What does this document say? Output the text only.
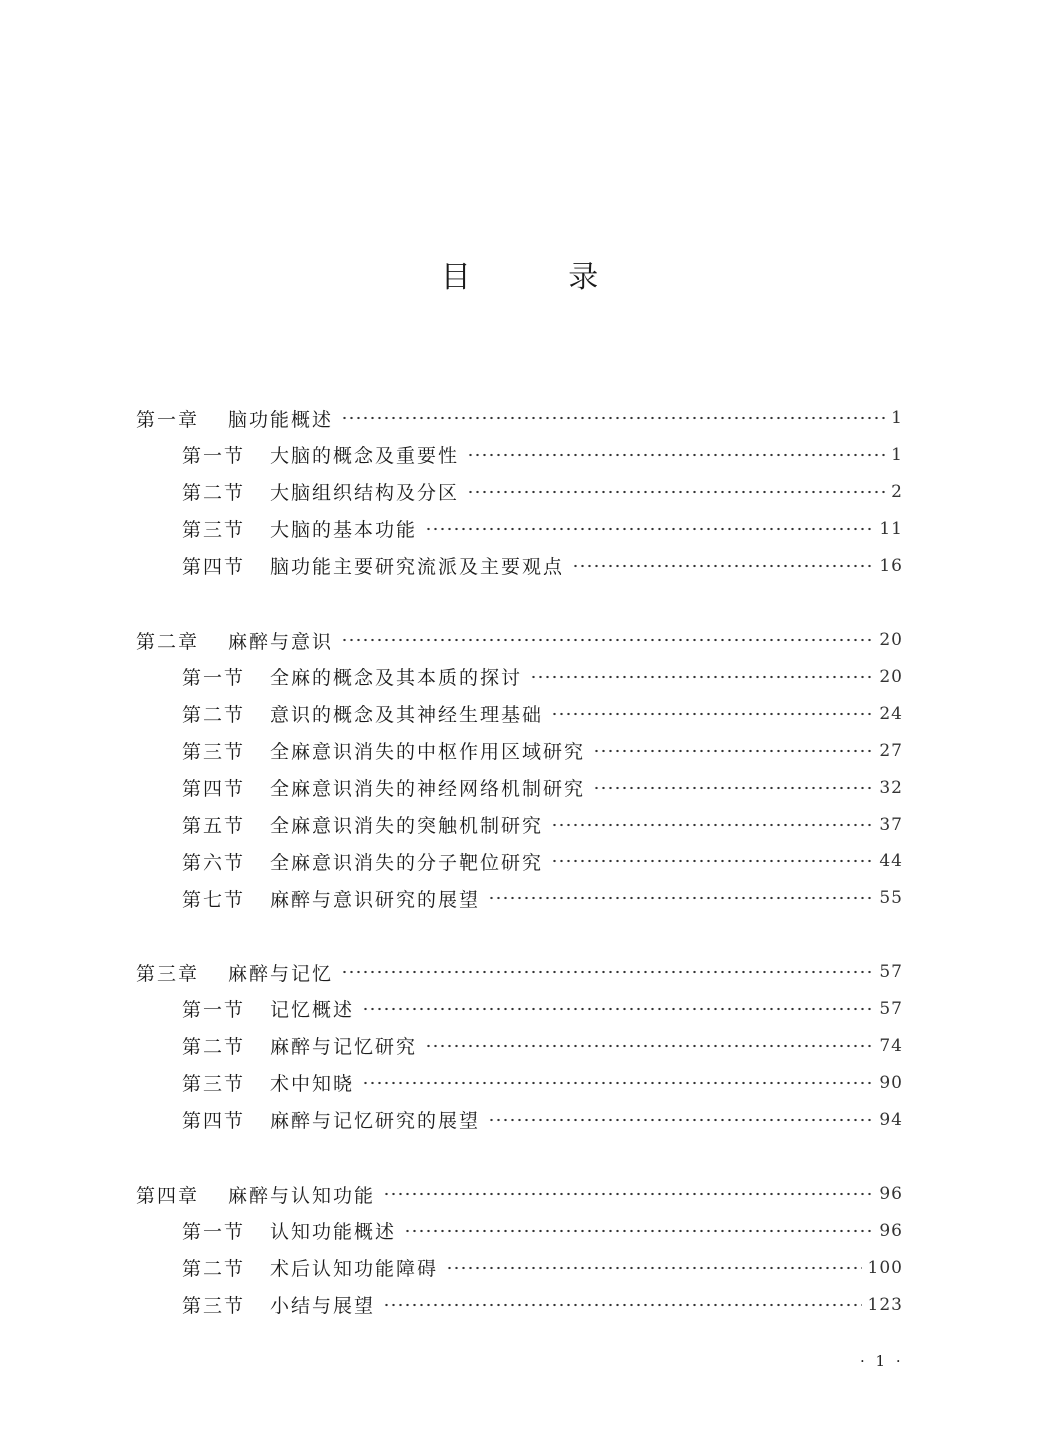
目 录
第一章	脑功能概述	1
第一节	大脑的概念及重要性	1
第二节	大脑组织结构及分区	2
第三节	大脑的基本功能	11
第四节	脑功能主要研究流派及主要观点	16
第二章	麻醉与意识	20
第一节	全麻的概念及其本质的探讨	20
第二节	意识的概念及其神经生理基础	24
第三节	全麻意识消失的中枢作用区域研究	27
第四节	全麻意识消失的神经网络机制研究	32
第五节	全麻意识消失的突触机制研究	37
第六节	全麻意识消失的分子靶位研究	44
第七节	麻醉与意识研究的展望	55
第三章	麻醉与记忆	57
第一节	记忆概述	57
第二节	麻醉与记忆研究	74
第三节	术中知晓	90
第四节	麻醉与记忆研究的展望	94
第四章	麻醉与认知功能	96
第一节	认知功能概述	96
第二节	术后认知功能障碍	100
第三节	小结与展望	123
· 1 ·
